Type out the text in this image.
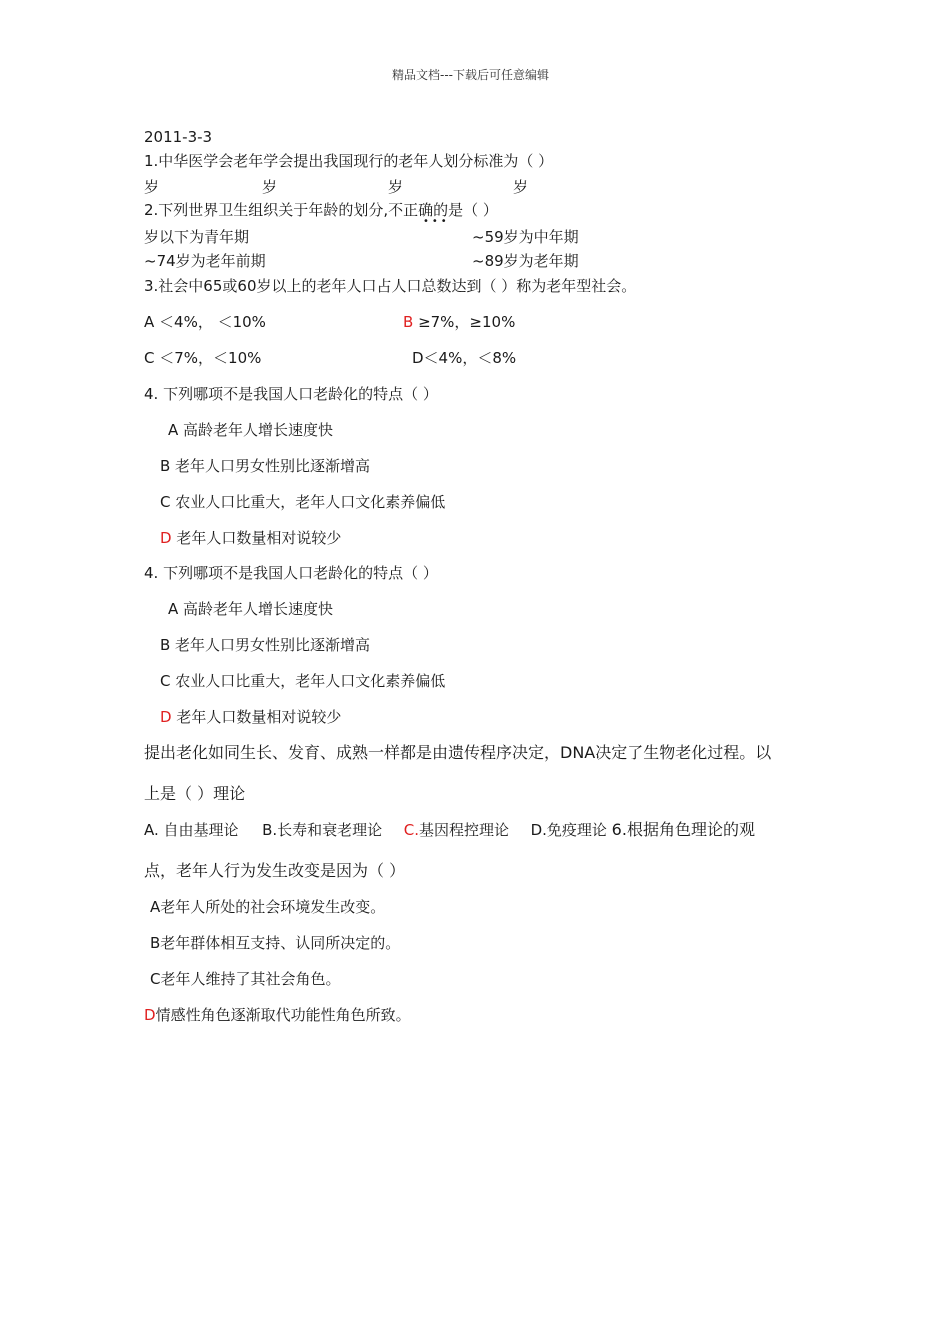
精品文档---下载后可任意编辑
2011-3-3
1.中华医学会老年学会提出我国现行的老年人划分标准为（ ）
岁	岁	岁	岁
2.下列世界卫生组织关于年龄的划分,不正确的是（ ）
•••
岁以下为青年期	~59岁为中年期
~74岁为老年前期	~89岁为老年期
3.社会中65或60岁以上的老年人口占人口总数达到（ ）称为老年型社会。
A ＜4%， ＜10%	B ≥7%，≥10%
C ＜7%，＜10%	D＜4%，＜8%
4. 下列哪项不是我国人口老龄化的特点（ ）
A 高龄老年人增长速度快
B 老年人口男女性别比逐渐增高
C 农业人口比重大，老年人口文化素养偏低
D 老年人口数量相对说较少
4. 下列哪项不是我国人口老龄化的特点（ ）
A 高龄老年人增长速度快
B 老年人口男女性别比逐渐增高
C 农业人口比重大，老年人口文化素养偏低
D 老年人口数量相对说较少
提出老化如同生长、发育、成熟一样都是由遗传程序决定，DNA决定了生物老化过程。以
上是（ ）理论
A. 自由基理论 B.长寿和衰老理论 C.基因程控理论 D.免疫理论 6.根据角色理论的观
点，老年人行为发生改变是因为（ ）
A老年人所处的社会环境发生改变。
B老年群体相互支持、认同所决定的。
C老年人维持了其社会角色。
D情感性角色逐渐取代功能性角色所致。
